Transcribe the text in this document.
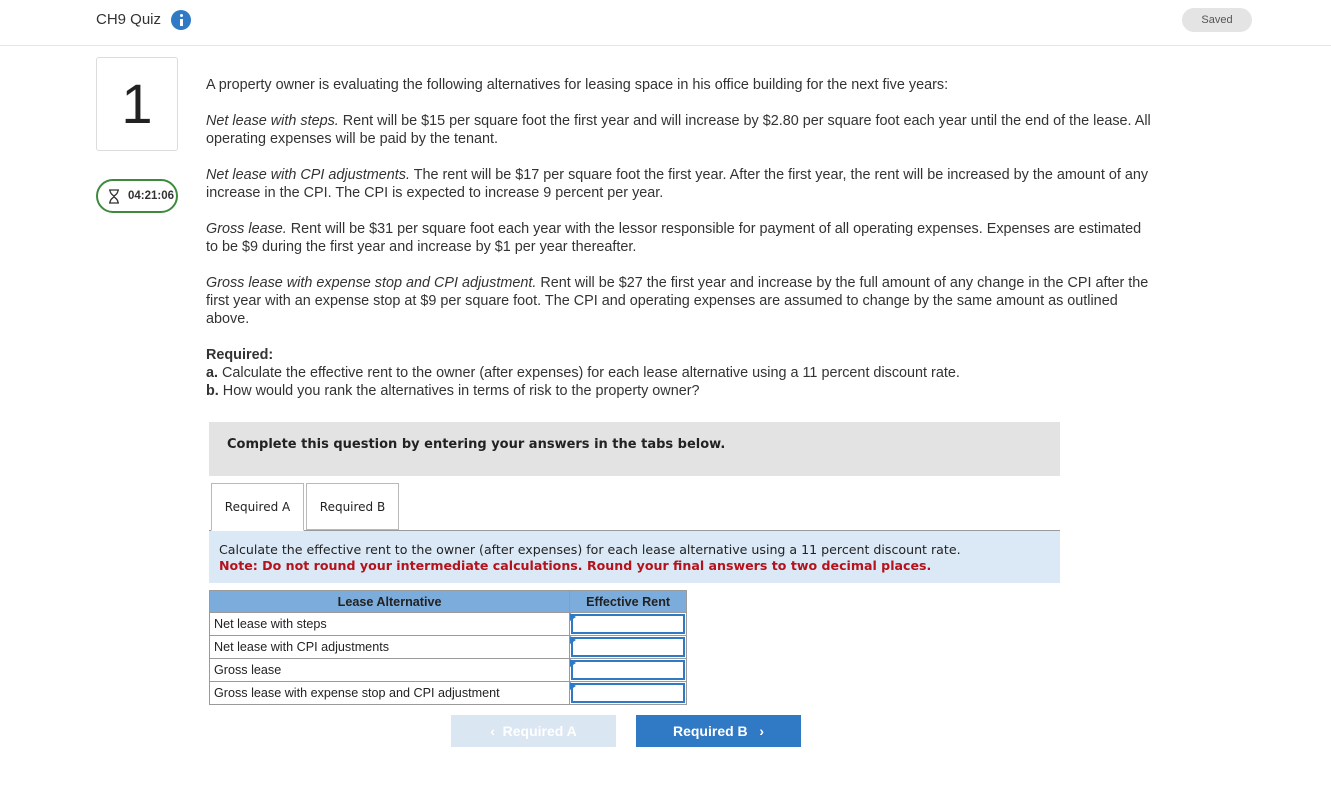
CH9 Quiz	Saved
1
04:21:06

A property owner is evaluating the following alternatives for leasing space in his office building for the next five years:

Net lease with steps. Rent will be $15 per square foot the first year and will increase by $2.80 per square foot each year until the end of the lease. All operating expenses will be paid by the tenant.

Net lease with CPI adjustments. The rent will be $17 per square foot the first year. After the first year, the rent will be increased by the amount of any increase in the CPI. The CPI is expected to increase 9 percent per year.

Gross lease. Rent will be $31 per square foot each year with the lessor responsible for payment of all operating expenses. Expenses are estimated to be $9 during the first year and increase by $1 per year thereafter.

Gross lease with expense stop and CPI adjustment. Rent will be $27 the first year and increase by the full amount of any change in the CPI after the first year with an expense stop at $9 per square foot. The CPI and operating expenses are assumed to change by the same amount as outlined above.

Required:

a. Calculate the effective rent to the owner (after expenses) for each lease alternative using a 11 percent discount rate.

b. How would you rank the alternatives in terms of risk to the property owner?

Complete this question by entering your answers in the tabs below.
Required A	Required B
Calculate the effective rent to the owner (after expenses) for each lease alternative using a 11 percent discount rate.
Note: Do not round your intermediate calculations. Round your final answers to two decimal places.
Lease Alternative	Effective Rent
Net lease with steps	

Net lease with CPI adjustments	

Gross lease	

Gross lease with expense stop and CPI adjustment	
‹ Required A	Required B ›
